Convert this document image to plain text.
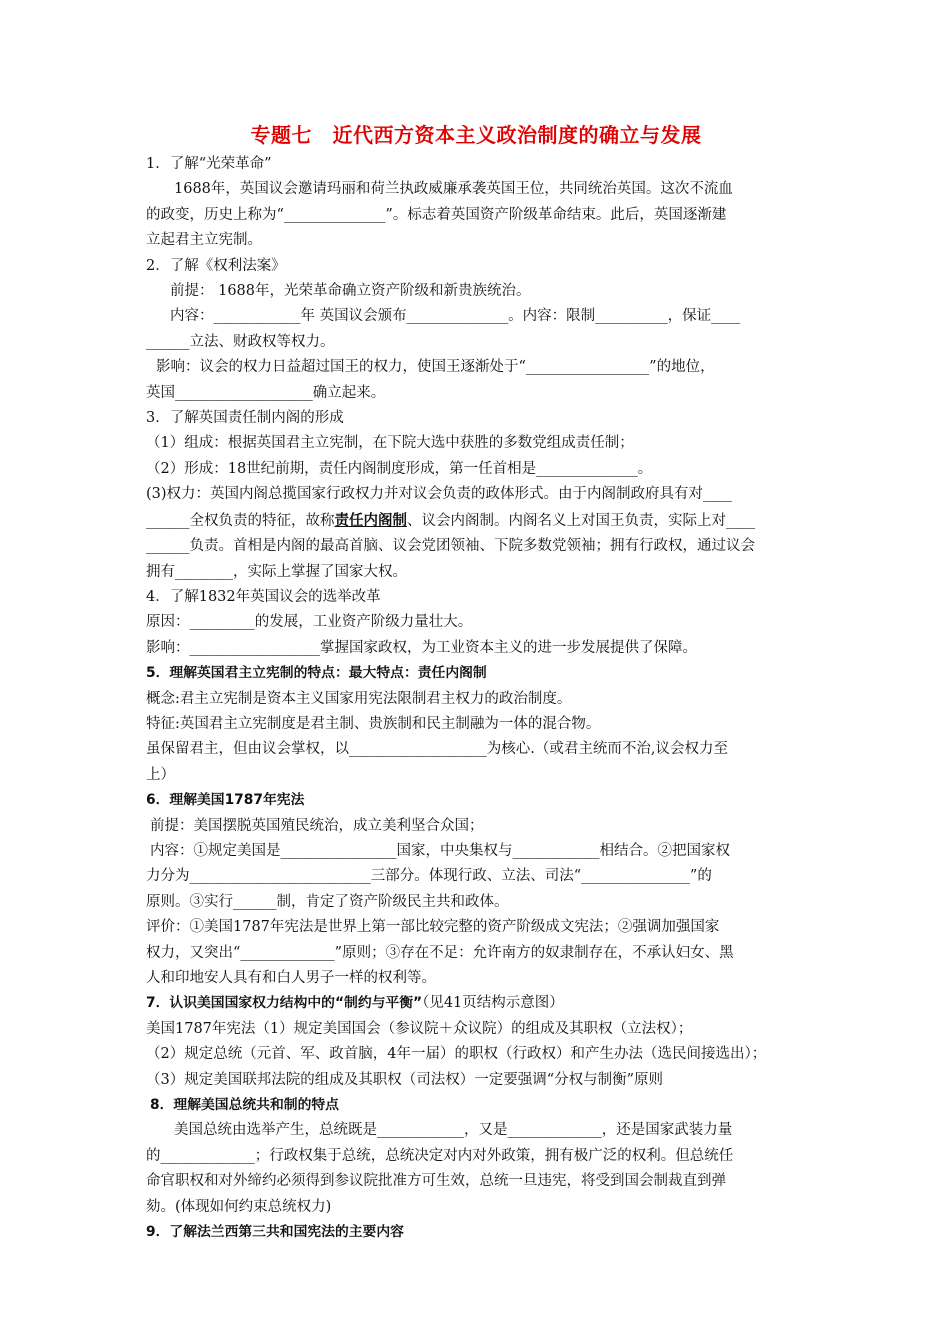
专题七　近代西方资本主义政治制度的确立与发展
1．了解“光荣革命”
1688年，英国议会邀请玛丽和荷兰执政威廉承袭英国王位，共同统治英国。这次不流血
的政变，历史上称为“______________”。标志着英国资产阶级革命结束。此后，英国逐渐建
立起君主立宪制。
2．了解《权利法案》
前提： 1688年，光荣革命确立资产阶级和新贵族统治。
内容：____________年 英国议会颁布______________。内容：限制__________，保证____
______立法、财政权等权力。
影响：议会的权力日益超过国王的权力，使国王逐渐处于“_________________”的地位，
英国___________________确立起来。
3．了解英国责任制内阁的形成
（1）组成：根据英国君主立宪制，在下院大选中获胜的多数党组成责任制；
（2）形成：18世纪前期，责任内阁制度形成，第一任首相是______________。
(3)权力：英国内阁总揽国家行政权力并对议会负责的政体形式。由于内阁制政府具有对____
______全权负责的特征，故称责任内阁制、议会内阁制。内阁名义上对国王负责，实际上对____
______负责。首相是内阁的最高首脑、议会党团领袖、下院多数党领袖；拥有行政权，通过议会
拥有________，实际上掌握了国家大权。
4．了解1832年英国议会的选举改革
原因：_________的发展，工业资产阶级力量壮大。
影响：__________________掌握国家政权，为工业资本主义的进一步发展提供了保障。
5．理解英国君主立宪制的特点：最大特点：责任内阁制
概念:君主立宪制是资本主义国家用宪法限制君主权力的政治制度。
特征:英国君主立宪制度是君主制、贵族制和民主制融为一体的混合物。
虽保留君主，但由议会掌权，以___________________为核心.（或君主统而不治,议会权力至
上）
6．理解美国1787年宪法
前提：美国摆脱英国殖民统治，成立美利坚合众国；
内容：①规定美国是________________国家，中央集权与____________相结合。②把国家权
力分为_________________________三部分。体现行政、立法、司法“_______________”的
原则。③实行______制，肯定了资产阶级民主共和政体。
评价：①美国1787年宪法是世界上第一部比较完整的资产阶级成文宪法；②强调加强国家
权力，又突出“_____________”原则；③存在不足：允许南方的奴隶制存在，不承认妇女、黑
人和印地安人具有和白人男子一样的权利等。
7．认识美国国家权力结构中的“制约与平衡”（见41页结构示意图）
美国1787年宪法（1）规定美国国会（参议院＋众议院）的组成及其职权（立法权）；
（2）规定总统（元首、军、政首脑，4年一届）的职权（行政权）和产生办法（选民间接选出）；
（3）规定美国联邦法院的组成及其职权（司法权）一定要强调“分权与制衡”原则
8．理解美国总统共和制的特点
美国总统由选举产生，总统既是____________，又是_____________，还是国家武装力量
的_____________；行政权集于总统，总统决定对内对外政策，拥有极广泛的权利。但总统任
命官职权和对外缔约必须得到参议院批准方可生效，总统一旦违宪，将受到国会制裁直到弹
劾。(体现如何约束总统权力)
9．了解法兰西第三共和国宪法的主要内容
